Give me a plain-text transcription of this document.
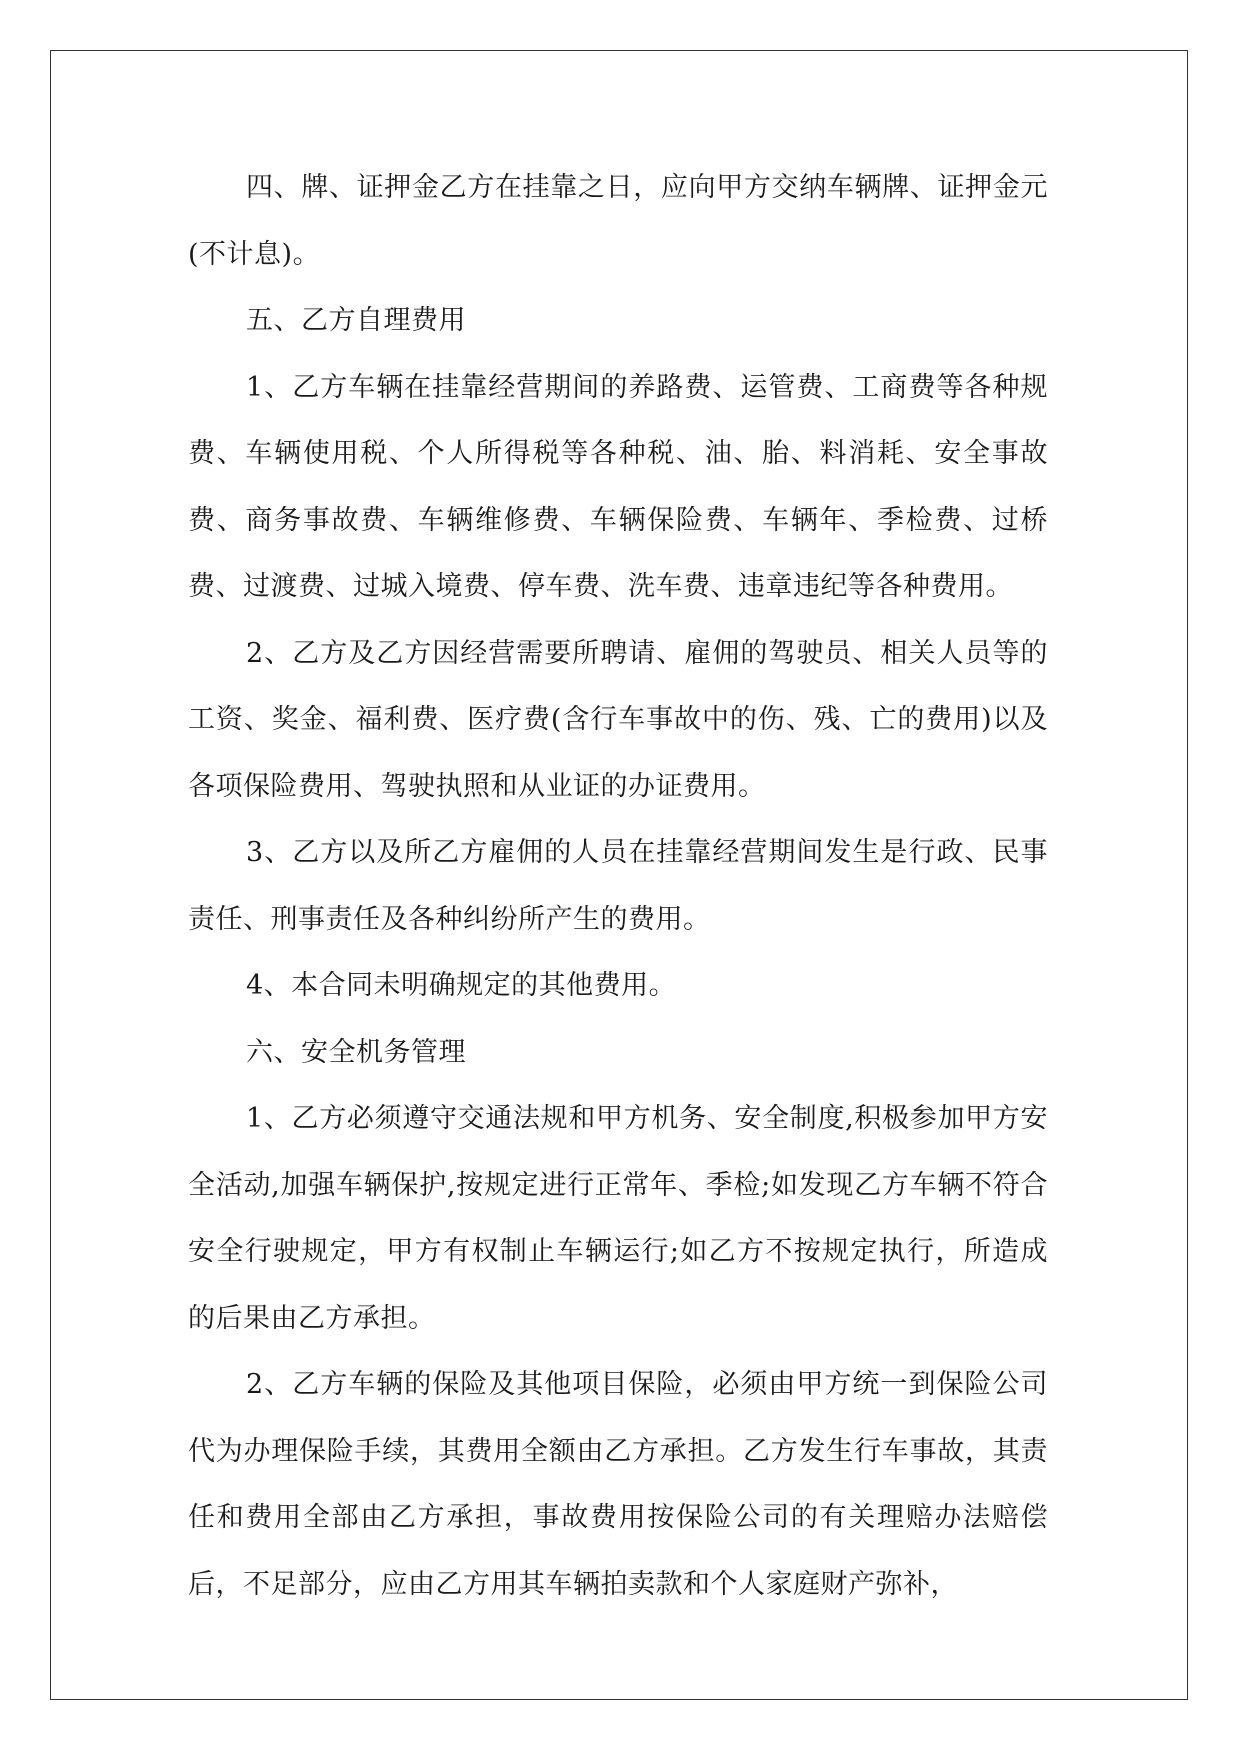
四、牌、证押金乙方在挂靠之日，应向甲方交纳车辆牌、证押金元(不计息)。

五、乙方自理费用

1、乙方车辆在挂靠经营期间的养路费、运管费、工商费等各种规费、车辆使用税、个人所得税等各种税、油、胎、料消耗、安全事故费、商务事故费、车辆维修费、车辆保险费、车辆年、季检费、过桥费、过渡费、过城入境费、停车费、洗车费、违章违纪等各种费用。

2、乙方及乙方因经营需要所聘请、雇佣的驾驶员、相关人员等的工资、奖金、福利费、医疗费(含行车事故中的伤、残、亡的费用)以及各项保险费用、驾驶执照和从业证的办证费用。

3、乙方以及所乙方雇佣的人员在挂靠经营期间发生是行政、民事责任、刑事责任及各种纠纷所产生的费用。

4、本合同未明确规定的其他费用。

六、安全机务管理

1、乙方必须遵守交通法规和甲方机务、安全制度,积极参加甲方安全活动,加强车辆保护,按规定进行正常年、季检;如发现乙方车辆不符合安全行驶规定，甲方有权制止车辆运行;如乙方不按规定执行，所造成的后果由乙方承担。

2、乙方车辆的保险及其他项目保险，必须由甲方统一到保险公司代为办理保险手续，其费用全额由乙方承担。乙方发生行车事故，其责任和费用全部由乙方承担，事故费用按保险公司的有关理赔办法赔偿后，不足部分，应由乙方用其车辆拍卖款和个人家庭财产弥补，
